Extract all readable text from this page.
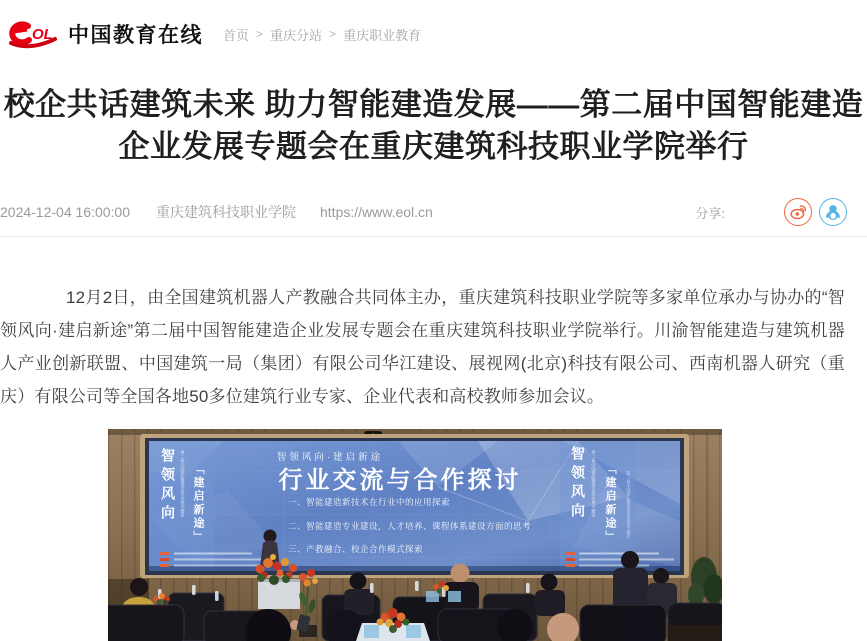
OL 中国教育在线 首页 > 重庆分站 > 重庆职业教育
校企共话建筑未来 助力智能建造发展——第二届中国智能建造企业发展专题会在重庆建筑科技职业学院举行
2024-12-04 16:00:00 重庆建筑科技职业学院 https://www.eol.cn	分享:

12月2日，由全国建筑机器人产教融合共同体主办，重庆建筑科技职业学院等多家单位承办与协办的“智领风向·建启新途”第二届中国智能建造企业发展专题会在重庆建筑科技职业学院举行。川渝智能建造与建筑机器人产业创新联盟、中国建筑一局（集团）有限公司华江建设、展视网(北京)科技有限公司、西南机器人研究（重庆）有限公司等全国各地50多位建筑行业专家、企业代表和高校教师参加会议。

智领风向 第二届中国智能建造企业发展专题会 「建启新途」	智领风向 第二届中国智能建造企业发展专题会 「建启新途」	第二届中国智能建造企业发展专题会
智领风向·建启新途
行业交流与合作探讨
一、智能建造新技术在行业中的应用探索
二、智能建造专业建设，人才培养、课程体系建设方面的思考
三、产教融合、校企合作模式探索
